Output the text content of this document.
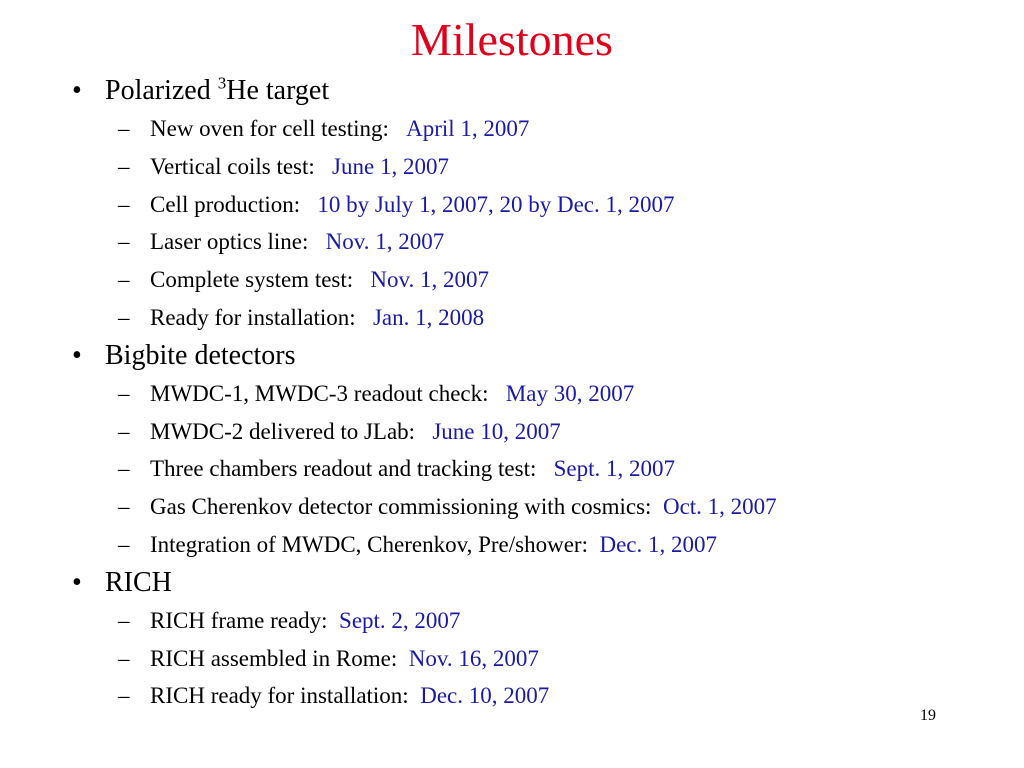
Milestones
• Polarized $^3$He target
– New oven for cell testing: April 1, 2007
– Vertical coils test: June 1, 2007
– Cell production: 10 by July 1, 2007, 20 by Dec. 1, 2007
– Laser optics line: Nov. 1, 2007
– Complete system test: Nov. 1, 2007
– Ready for installation: Jan. 1, 2008
• Bigbite detectors
– MWDC-1, MWDC-3 readout check: May 30, 2007
– MWDC-2 delivered to JLab: June 10, 2007
– Three chambers readout and tracking test: Sept. 1, 2007
– Gas Cherenkov detector commissioning with cosmics: Oct. 1, 2007
– Integration of MWDC, Cherenkov, Pre/shower: Dec. 1, 2007
• RICH
– RICH frame ready: Sept. 2, 2007
– RICH assembled in Rome: Nov. 16, 2007
– RICH ready for installation: Dec. 10, 2007
19
